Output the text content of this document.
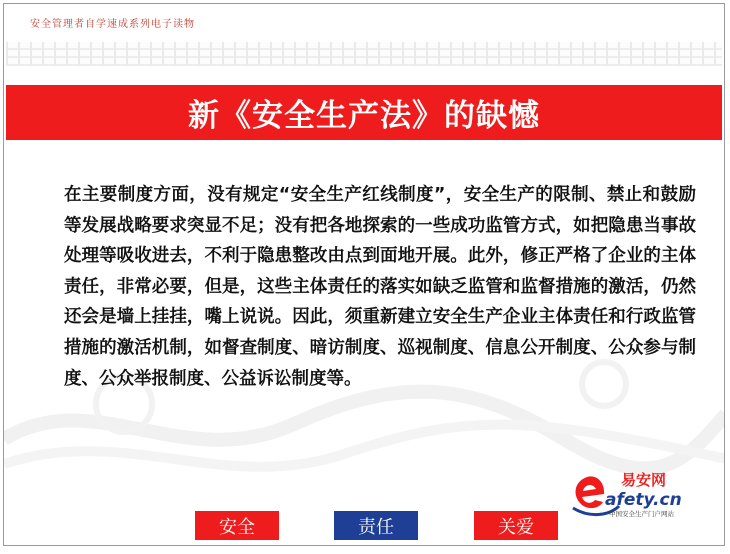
安全管理者自学速成系列电子读物
新《安全生产法》的缺憾

在主要制度方面，没有规定“安全生产红线制度”，安全生产的限制、禁止和鼓励等发展战略要求突显不足；没有把各地探索的一些成功监管方式，如把隐患当事故处理等吸收进去，不利于隐患整改由点到面地开展。此外，修正严格了企业的主体责任，非常必要，但是，这些主体责任的落实如缺乏监管和监督措施的激活，仍然还会是墙上挂挂，嘴上说说。因此，须重新建立安全生产企业主体责任和行政监管措施的激活机制，如督查制度、暗访制度、巡视制度、信息公开制度、公众参与制度、公众举报制度、公益诉讼制度等。

易安网
afety.cn
中国安全生产门户网站
安全	责任	关爱
